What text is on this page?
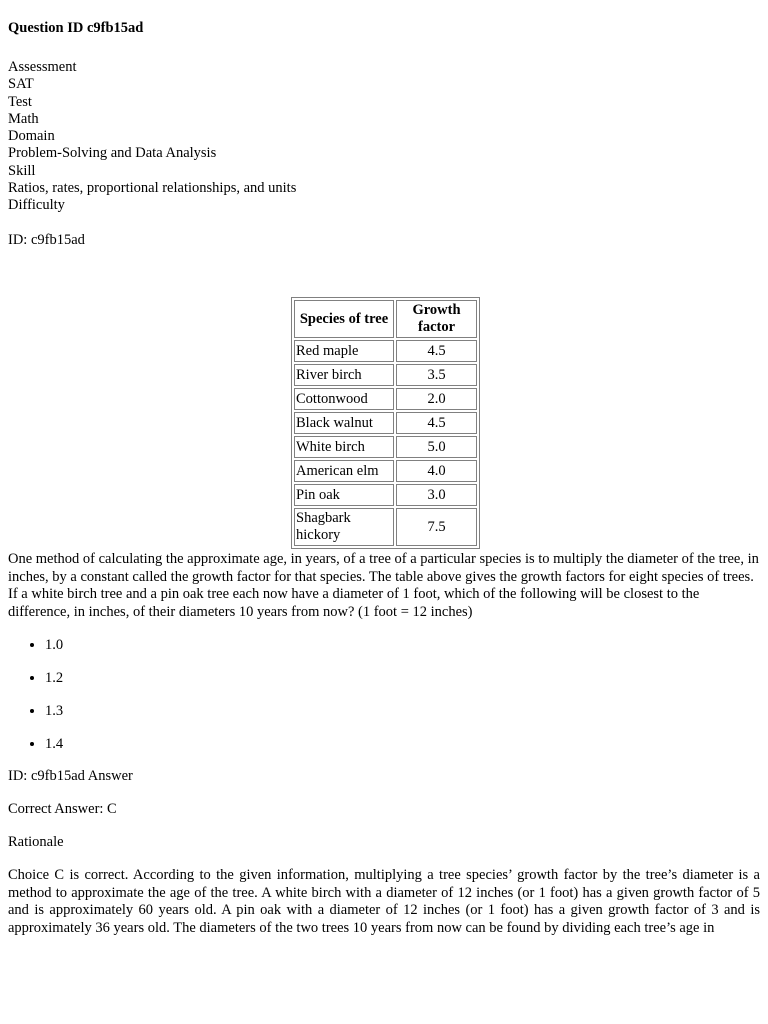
Question ID c9fb15ad
Assessment
SAT
Test
Math
Domain
Problem-Solving and Data Analysis
Skill
Ratios, rates, proportional relationships, and units
Difficulty
ID: c9fb15ad
Species of tree	Growth factor
Red maple	4.5
River birch	3.5
Cottonwood	2.0
Black walnut	4.5
White birch	5.0
American elm	4.0
Pin oak	3.0
Shagbark hickory	7.5

One method of calculating the approximate age, in years, of a tree of a particular species is to multiply the diameter of the tree, in inches, by a constant called the growth factor for that species. The table above gives the growth factors for eight species of trees. If a white birch tree and a pin oak tree each now have a diameter of 1 foot, which of the following will be closest to the difference, in inches, of their diameters 10 years from now? (1 foot = 12 inches)

• 1.0
• 1.2
• 1.3
• 1.4
ID: c9fb15ad Answer
Correct Answer: C
Rationale

Choice C is correct. According to the given information, multiplying a tree species’ growth factor by the tree’s diameter is a method to approximate the age of the tree. A white birch with a diameter of 12 inches (or 1 foot) has a given growth factor of 5 and is approximately 60 years old. A pin oak with a diameter of 12 inches (or 1 foot) has a given growth factor of 3 and is approximately 36 years old. The diameters of the two trees 10 years from now can be found by dividing each tree’s age in
